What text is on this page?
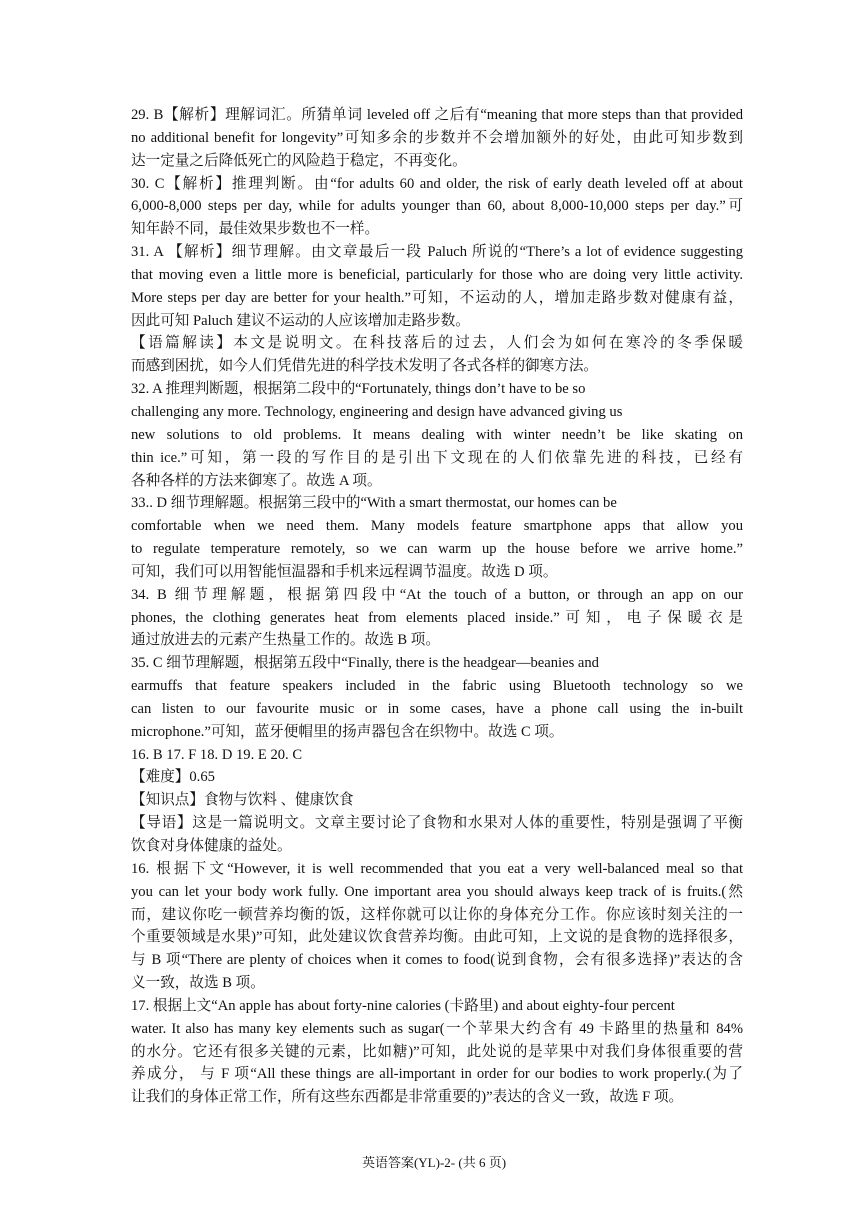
29. B【解析】理解词汇。所猜单词 leveled off 之后有“meaning that more steps than that provided
no additional benefit for longevity”可知多余的步数并不会增加额外的好处，由此可知步数到
达一定量之后降低死亡的风险趋于稳定，不再变化。
30. C【解析】推理判断。由“for adults 60 and older, the risk of early death leveled off at about
6,000-8,000 steps per day, while for adults younger than 60, about 8,000-10,000 steps per day.”可
知年龄不同，最佳效果步数也不一样。
31. A 【解析】细节理解。由文章最后一段 Paluch 所说的“There’s a lot of evidence suggesting
that moving even a little more is beneficial, particularly for those who are doing very little activity.
More steps per day are better for your health.”可知，不运动的人，增加走路步数对健康有益，
因此可知 Paluch 建议不运动的人应该增加走路步数。
【语篇解读】本文是说明文。在科技落后的过去，人们会为如何在寒冷的冬季保暖
而感到困扰，如今人们凭借先进的科学技术发明了各式各样的御寒方法。
32. A 推理判断题，根据第二段中的“Fortunately, things don’t have to be so
challenging any more. Technology, engineering and design have advanced giving us
new solutions to old problems. It means dealing with winter needn’t be like skating on
thin ice.”可知，第一段的写作目的是引出下文现在的人们依靠先进的科技，已经有
各种各样的方法来御寒了。故选 A 项。
33.. D 细节理解题。根据第三段中的“With a smart thermostat, our homes can be
comfortable when we need them. Many models feature smartphone apps that allow you
to regulate temperature remotely, so we can warm up the house before we arrive home.”
可知，我们可以用智能恒温器和手机来远程调节温度。故选 D 项。
34. B 细节理解题，根据第四段中“At the touch of a button, or through an app on our
phones, the clothing generates heat from elements placed inside.”可知，电子保暖衣是
通过放进去的元素产生热量工作的。故选 B 项。
35. C 细节理解题，根据第五段中“Finally, there is the headgear—beanies and
earmuffs that feature speakers included in the fabric using Bluetooth technology so we
can listen to our favourite music or in some cases, have a phone call using the in-built
microphone.”可知，蓝牙便帽里的扬声器包含在织物中。故选 C 项。
16. B 17. F 18. D 19. E 20. C
【难度】0.65
【知识点】食物与饮料 、健康饮食
【导语】这是一篇说明文。文章主要讨论了食物和水果对人体的重要性，特别是强调了平衡
饮食对身体健康的益处。
16. 根据下文“However, it is well recommended that you eat a very well-balanced meal so that
you can let your body work fully. One important area you should always keep track of is fruits.(然
而，建议你吃一顿营养均衡的饭，这样你就可以让你的身体充分工作。你应该时刻关注的一
个重要领域是水果)”可知，此处建议饮食营养均衡。由此可知，上文说的是食物的选择很多，
与 B 项“There are plenty of choices when it comes to food(说到食物，会有很多选择)”表达的含
义一致，故选 B 项。
17. 根据上文“An apple has about forty-nine calories (卡路里) and about eighty-four percent
water. It also has many key elements such as sugar(一个苹果大约含有 49 卡路里的热量和 84%
的水分。它还有很多关键的元素，比如糖)”可知，此处说的是苹果中对我们身体很重要的营
养成分， 与 F 项“All these things are all-important in order for our bodies to work properly.(为了
让我们的身体正常工作，所有这些东西都是非常重要的)”表达的含义一致，故选 F 项。
英语答案(YL)-2- (共 6 页)
